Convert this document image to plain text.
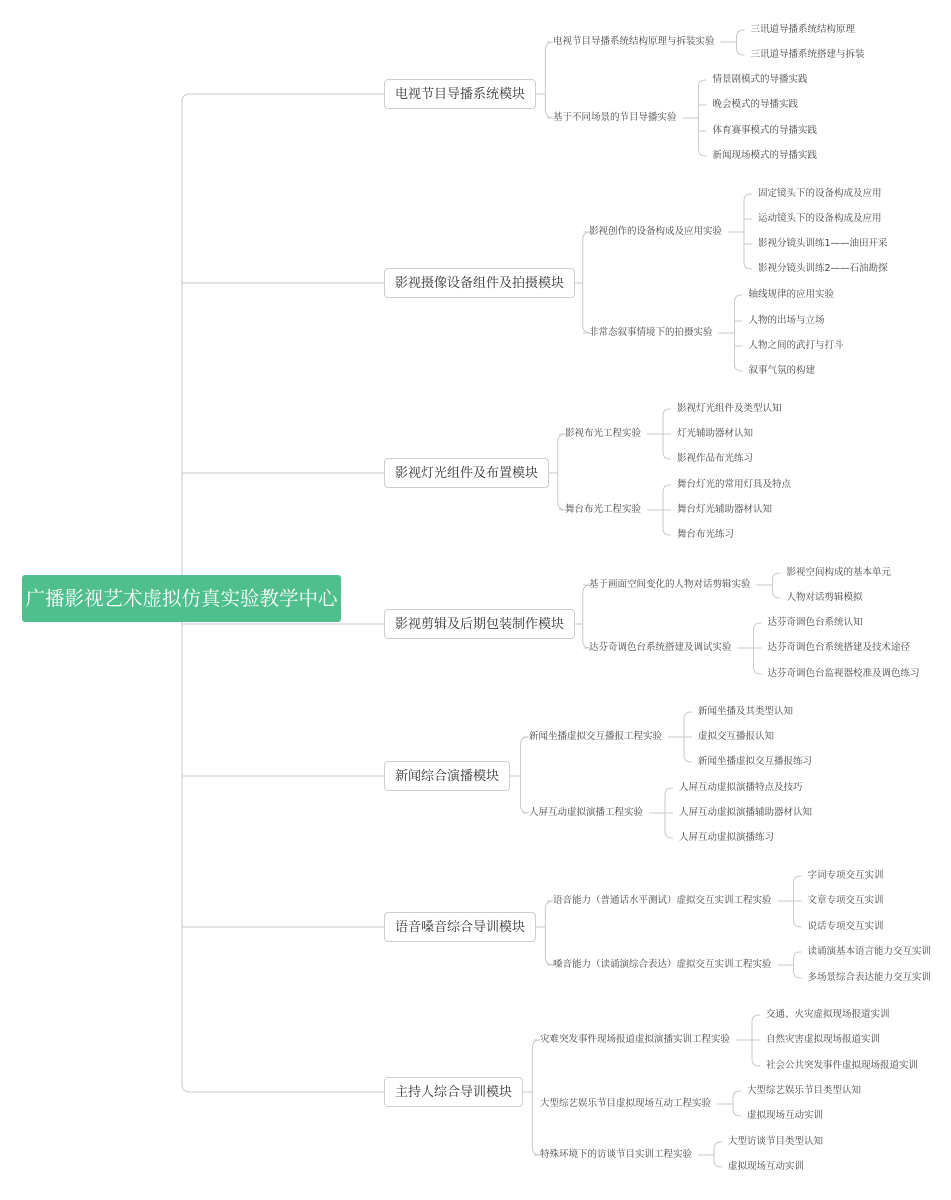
广播影视艺术虚拟仿真实验教学中心
电视节目导播系统模块
电视节目导播系统结构原理与拆装实验
三讯道导播系统结构原理
三讯道导播系统搭建与拆装
基于不同场景的节目导播实验
情景剧模式的导播实践
晚会模式的导播实践
体育赛事模式的导播实践
新闻现场模式的导播实践
影视摄像设备组件及拍摄模块
影视创作的设备构成及应用实验
固定镜头下的设备构成及应用
运动镜头下的设备构成及应用
影视分镜头训练1——油田开采
影视分镜头训练2——石油勘探
非常态叙事情境下的拍摄实验
轴线规律的应用实验
人物的出场与立场
人物之间的武打与打斗
叙事气氛的构建
影视灯光组件及布置模块
影视布光工程实验
影视灯光组件及类型认知
灯光辅助器材认知
影视作品布光练习
舞台布光工程实验
舞台灯光的常用灯具及特点
舞台灯光辅助器材认知
舞台布光练习
影视剪辑及后期包装制作模块
基于画面空间变化的人物对话剪辑实验
影视空间构成的基本单元
人物对话剪辑模拟
达芬奇调色台系统搭建及调试实验
达芬奇调色台系统认知
达芬奇调色台系统搭建及技术途径
达芬奇调色台监视器校准及调色练习
新闻综合演播模块
新闻坐播虚拟交互播报工程实验
新闻坐播及其类型认知
虚拟交互播报认知
新闻坐播虚拟交互播报练习
人屏互动虚拟演播工程实验
人屏互动虚拟演播特点及技巧
人屏互动虚拟演播辅助器材认知
人屏互动虚拟演播练习
语音嗓音综合导训模块
语音能力（普通话水平测试）虚拟交互实训工程实验
字词专项交互实训
文章专项交互实训
说话专项交互实训
嗓音能力（读诵演综合表达）虚拟交互实训工程实验
读诵演基本语言能力交互实训
多场景综合表达能力交互实训
主持人综合导训模块
灾难突发事件现场报道虚拟演播实训工程实验
交通、火灾虚拟现场报道实训
自然灾害虚拟现场报道实训
社会公共突发事件虚拟现场报道实训
大型综艺娱乐节目虚拟现场互动工程实验
大型综艺娱乐节目类型认知
虚拟现场互动实训
特殊环境下的访谈节目实训工程实验
大型访谈节目类型认知
虚拟现场互动实训
